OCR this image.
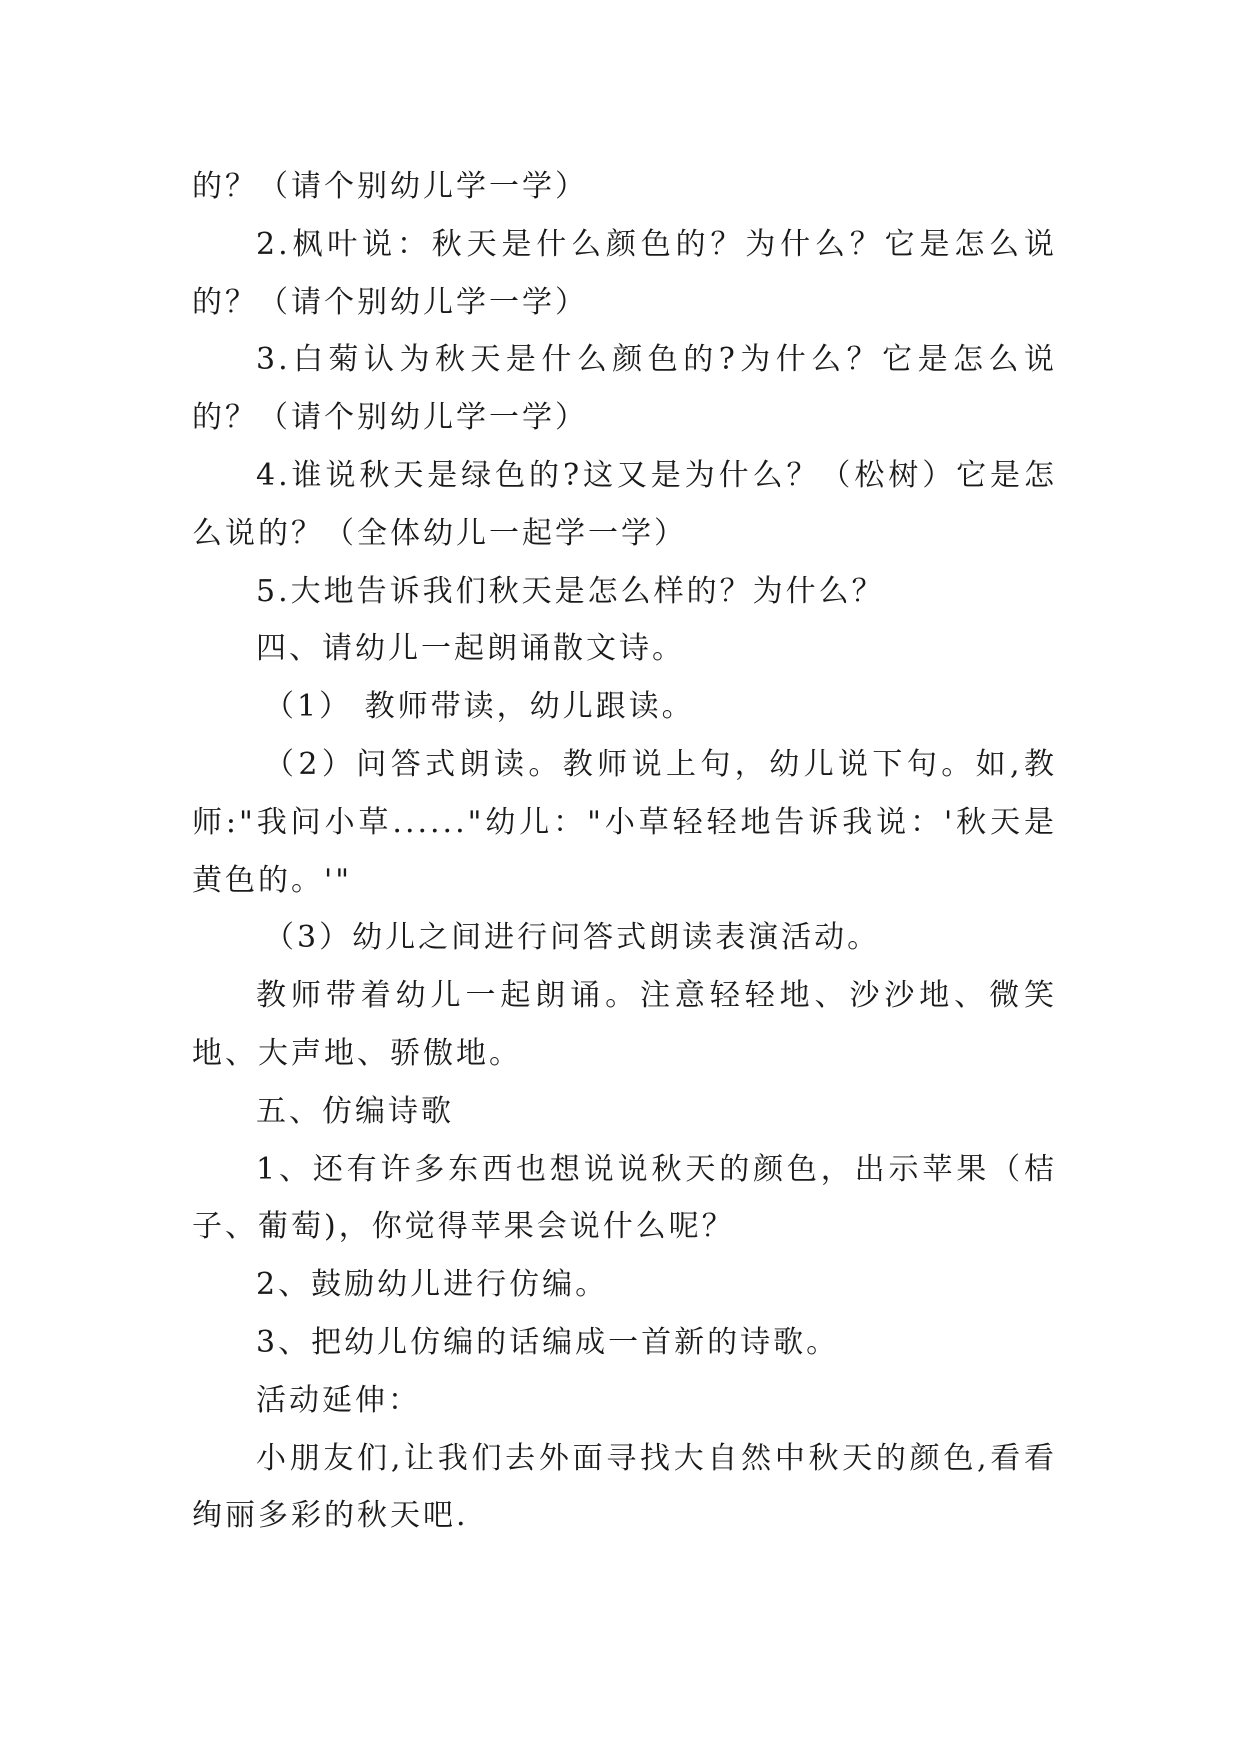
的？（请个别幼儿学一学）

2.枫叶说：秋天是什么颜色的？为什么？它是怎么说的？（请个别幼儿学一学）

3.白菊认为秋天是什么颜色的?为什么？它是怎么说的？（请个别幼儿学一学）

4.谁说秋天是绿色的?这又是为什么？（松树）它是怎么说的？（全体幼儿一起学一学）

5.大地告诉我们秋天是怎么样的？为什么？

四、请幼儿一起朗诵散文诗。

（1） 教师带读，幼儿跟读。

（2）问答式朗读。教师说上句，幼儿说下句。如,教师:"我问小草......"幼儿："小草轻轻地告诉我说：'秋天是黄色的。'"

（3）幼儿之间进行问答式朗读表演活动。

教师带着幼儿一起朗诵。注意轻轻地、沙沙地、微笑地、大声地、骄傲地。

五、仿编诗歌

1、还有许多东西也想说说秋天的颜色，出示苹果（桔子、葡萄)，你觉得苹果会说什么呢？

2、鼓励幼儿进行仿编。

3、把幼儿仿编的话编成一首新的诗歌。

活动延伸：

小朋友们,让我们去外面寻找大自然中秋天的颜色,看看绚丽多彩的秋天吧.
